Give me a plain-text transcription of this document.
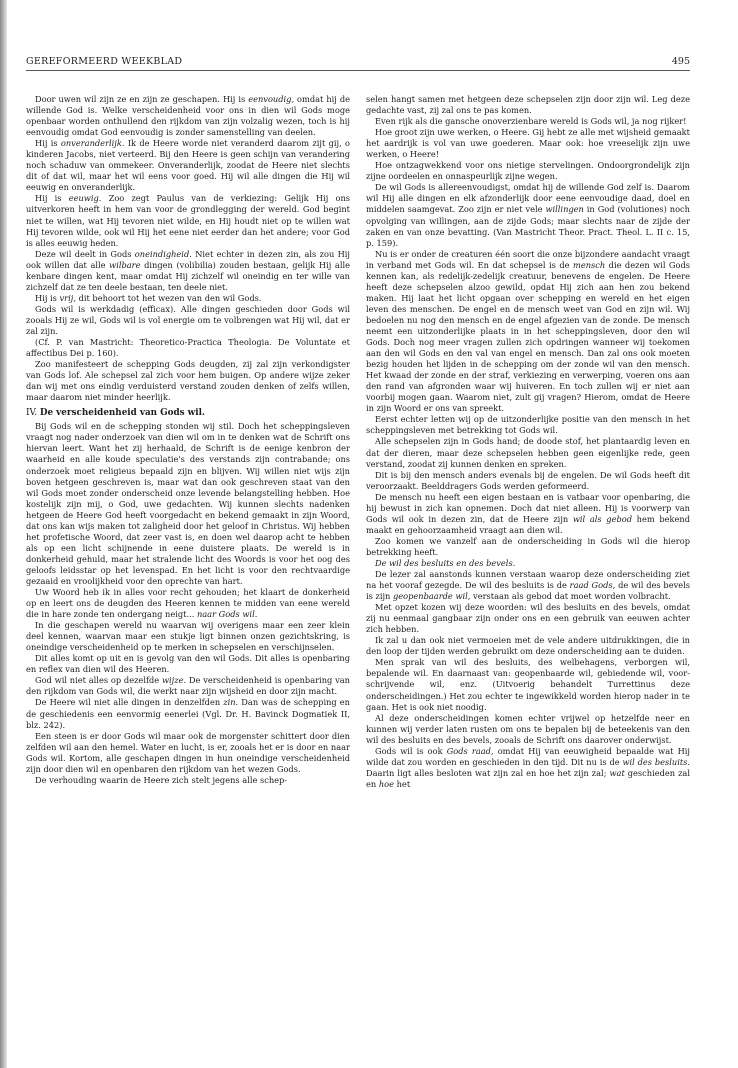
GEREFORMEERD WEEKBLAD	495

Door uwen wil zijn ze en zijn ze geschapen. Hij is eenvoudig, omdat hij de willende God is. Welke verscheidenheid voor ons in dien wil Gods moge openbaar worden onthullend den rijkdom van zijn volzalig wezen, toch is hij eenvoudig omdat God eenvoudig is zonder samenstelling van deelen.

Hij is onveranderlijk. Ik de Heere worde niet veranderd daarom zijt gij, o kinderen Jacobs, niet verteerd. Bij den Heere is geen schijn van verandering noch schaduw van ommekeer. Onveranderlijk, zoodat de Heere niet slechts dit of dat wil, maar het wil eens voor goed. Hij wil alle dingen die Hij wil eeuwig en onveranderlijk.

Hij is eeuwig. Zoo zegt Paulus van de verkiezing: Gelijk Hij ons uitverkoren heeft in hem van voor de grondlegging der wereld. God begint niet te willen, wat Hij tevoren niet wilde, en Hij houdt niet op te willen wat Hij tevoren wilde, ook wil Hij het eene niet eerder dan het andere; voor God is alles eeuwig heden.

Deze wil deelt in Gods oneindigheid. Niet echter in dezen zin, als zou Hij ook willen dat alle wilbare dingen (volibilia) zouden bestaan, gelijk Hij alle kenbare dingen kent, maar omdat Hij zichzelf wil oneindig en ter wille van zichzelf dat ze ten deele bestaan, ten deele niet.

Hij is vrij, dit behoort tot het wezen van den wil Gods.

Gods wil is werkdadig (efficax). Alle dingen geschieden door Gods wil zooals Hij ze wil, Gods wil is vol energie om te volbrengen wat Hij wil, dat er zal zijn.

(Cf. P. van Mastricht: Theoretico-Practica Theologia. De Voluntate et affectibus Dei p. 160).

Zoo manifesteert de schepping Gods deugden, zij zal zijn verkondigster van Gods lof. Ale schepsel zal zich voor hem buigen. Op andere wijze zeker dan wij met ons eindig verduisterd verstand zouden denken of zelfs willen, maar daarom niet minder heerlijk.

IV. De verscheidenheid van Gods wil.

Bij Gods wil en de schepping stonden wij stil. Doch het scheppingsleven vraagt nog nader onderzoek van dien wil om in te denken wat de Schrift ons hiervan leert. Want het zij herhaald, de Schrift is de eenige kenbron der waarheid en alle koude speculatie's des verstands zijn contrabande; ons onderzoek moet religieus bepaald zijn en blijven. Wij willen niet wijs zijn boven hetgeen geschreven is, maar wat dan ook geschreven staat van den wil Gods moet zonder onderscheid onze levende belangstelling hebben. Hoe kostelijk zijn mij, o God, uwe gedachten. Wij kunnen slechts nadenken hetgeen de Heere God heeft voorgedacht en bekend gemaakt in zijn Woord, dat ons kan wijs maken tot zaligheid door het geloof in Christus. Wij hebben het profetische Woord, dat zeer vast is, en doen wel daarop acht te hebben als op een licht schijnende in eene duistere plaats. De wereld is in donkerheid gehuld, maar het stralende licht des Woords is voor het oog des geloofs leidsstar op het levenspad. En het licht is voor den rechtvaardige gezaaid en vroolijkheid voor den oprechte van hart.

Uw Woord heb ik in alles voor recht gehouden; het klaart de donkerheid op en leert ons de deugden des Heeren kennen te midden van eene wereld die in hare zonde ten ondergang neigt... naar Gods wil.

In die geschapen wereld nu waarvan wij overigens maar een zeer klein deel kennen, waarvan maar een stukje ligt binnen onzen gezichtskring, is oneindige verscheidenheid op te merken in schepselen en verschijnselen.

Dit alles komt op uit en is gevolg van den wil Gods. Dit alles is openbaring en reflex van dien wil des Heeren.

God wil niet alles op dezelfde wijze. De verscheidenheid is openbaring van den rijkdom van Gods wil, die werkt naar zijn wijsheid en door zijn macht.

De Heere wil niet alle dingen in denzelfden zin. Dan was de schepping en de geschiedenis een eenvormig eenerlei (Vgl. Dr. H. Bavinck Dogmatiek II, blz. 242).

Een steen is er door Gods wil maar ook de morgenster schittert door dien zelfden wil aan den hemel. Water en lucht, is er, zooals het er is door en naar Gods wil. Kortom, alle geschapen dingen in hun oneindige verscheidenheid zijn door dien wil en openbaren den rijkdom van het wezen Gods.

De verhouding waarin de Heere zich stelt jegens alle schep-

selen hangt samen met hetgeen deze schepselen zijn door zijn wil. Leg deze gedachte vast, zij zal ons te pas komen.

Even rijk als die gansche onoverzienbare wereld is Gods wil, ja nog rijker!

Hoe groot zijn uwe werken, o Heere. Gij hebt ze alle met wijsheid gemaakt het aardrijk is vol van uwe goederen. Maar ook: hoe vreeselijk zijn uwe werken, o Heere!

Hoe ontzagwekkend voor ons nietige stervelingen. Ondoorgrondelijk zijn zijne oordeelen en onnaspeurlijk zijne wegen.

De wil Gods is allereenvoudigst, omdat hij de willende God zelf is. Daarom wil Hij alle dingen en elk afzonderlijk door eene eenvoudige daad, doel en middelen saamgevat. Zoo zijn er niet vele willingen in God (volutiones) noch opvolging van willingen, aan de zijde Gods; maar slechts naar de zijde der zaken en van onze bevatting. (Van Mastricht Theor. Pract. Theol. L. II c. 15, p. 159).

Nu is er onder de creaturen één soort die onze bijzondere aandacht vraagt in verband met Gods wil. En dat schepsel is de mensch die dezen wil Gods kennen kan, als redelijk-zedelijk creatuur, benevens de engelen. De Heere heeft deze schepselen alzoo gewild, opdat Hij zich aan hen zou bekend maken. Hij laat het licht opgaan over schepping en wereld en het eigen leven des menschen. De engel en de mensch weet van God en zijn wil. Wij bedoelen nu nog den mensch en de engel afgezien van de zonde. De mensch neemt een uitzonderlijke plaats in in het scheppingsleven, door den wil Gods. Doch nog meer vragen zullen zich opdringen wanneer wij toekomen aan den wil Gods en den val van engel en mensch. Dan zal ons ook moeten bezig houden het lijden in de schepping om der zonde wil van den mensch. Het kwaad der zonde en der straf, verkiezing en verwerping, voeren ons aan den rand van afgronden waar wij huiveren. En toch zullen wij er niet aan voorbij mogen gaan. Waarom niet, zult gij vragen? Hierom, omdat de Heere in zijn Woord er ons van spreekt.

Eerst echter letten wij op de uitzonderlijke positie van den mensch in het scheppingsleven met betrekking tot Gods wil.

Alle schepselen zijn in Gods hand; de doode stof, het plantaardig leven en dat der dieren, maar deze schepselen hebben geen eigenlijke rede, geen verstand, zoodat zij kunnen denken en spreken.

Dit is bij den mensch anders evenals bij de engelen. De wil Gods heeft dit veroorzaakt. Beelddragers Gods werden geformeerd.

De mensch nu heeft een eigen bestaan en is vatbaar voor openbaring, die hij bewust in zich kan opnemen. Doch dat niet alleen. Hij is voorwerp van Gods wil ook in dezen zin, dat de Heere zijn wil als gebod hem bekend maakt en gehoorzaamheid vraagt aan dien wil.

Zoo komen we vanzelf aan de onderscheiding in Gods wil die hierop betrekking heeft.

De wil des besluits en des bevels.

De lezer zal aanstonds kunnen verstaan waarop deze onderscheiding ziet na het vooraf gezegde. De wil des besluits is de raad Gods, de wil des bevels is zijn geopenbaarde wil, verstaan als gebod dat moet worden volbracht.

Met opzet kozen wij deze woorden: wil des besluits en des bevels, omdat zij nu eenmaal gangbaar zijn onder ons en een gebruik van eeuwen achter zich hebben.

Ik zal u dan ook niet vermoeien met de vele andere uitdrukkingen, die in den loop der tijden werden gebruikt om deze onderscheiding aan te duiden.

Men sprak van wil des besluits, des welbehagens, verborgen wil, bepalende wil. En daarnaast van: geopenbaarde wil, gebiedende wil, voor-schrijvende wil, enz. (Uitvoerig behandelt Turrettinus deze onderscheidingen.) Het zou echter te ingewikkeld worden hierop nader in te gaan. Het is ook niet noodig.

Al deze onderscheidingen komen echter vrijwel op hetzelfde neer en kunnen wij verder laten rusten om ons te bepalen bij de beteekenis van den wil des besluits en des bevels, zooals de Schrift ons daarover onderwijst.

Gods wil is ook Gods raad, omdat Hij van eeuwigheid bepaalde wat Hij wilde dat zou worden en geschieden in den tijd. Dit nu is de wil des besluits. Daarin ligt alles besloten wat zijn zal en hoe het zijn zal; wat geschieden zal en hoe het
